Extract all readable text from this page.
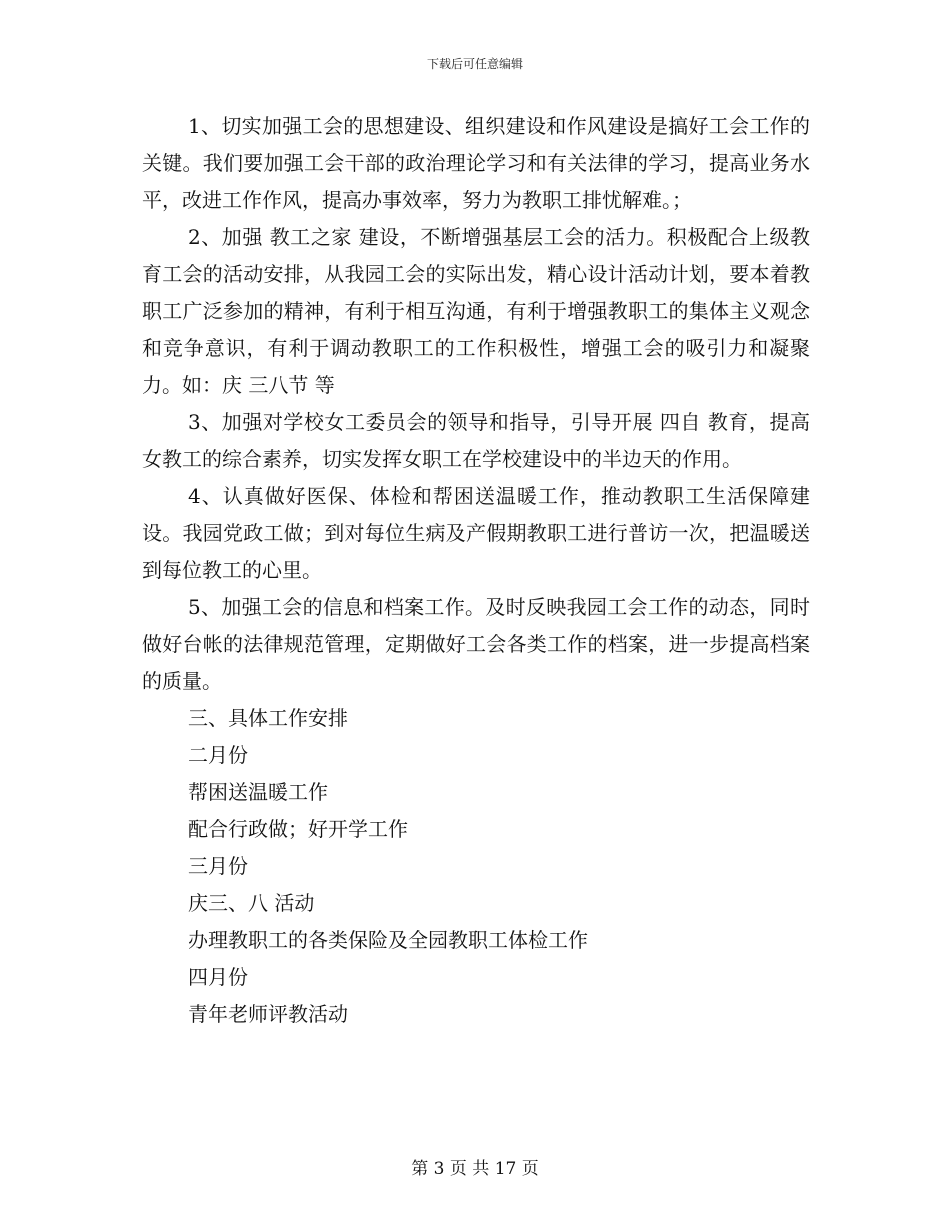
下载后可任意编辑

1、切实加强工会的思想建设、组织建设和作风建设是搞好工会工作的关键。我们要加强工会干部的政治理论学习和有关法律的学习，提高业务水平，改进工作作风，提高办事效率，努力为教职工排忧解难。；

2、加强 教工之家 建设，不断增强基层工会的活力。积极配合上级教育工会的活动安排，从我园工会的实际出发，精心设计活动计划，要本着教职工广泛参加的精神，有利于相互沟通，有利于增强教职工的集体主义观念和竞争意识，有利于调动教职工的工作积极性，增强工会的吸引力和凝聚力。如：庆 三八节 等

3、加强对学校女工委员会的领导和指导，引导开展 四自 教育，提高女教工的综合素养，切实发挥女职工在学校建设中的半边天的作用。

4、认真做好医保、体检和帮困送温暖工作，推动教职工生活保障建设。我园党政工做；到对每位生病及产假期教职工进行普访一次，把温暖送到每位教工的心里。

5、加强工会的信息和档案工作。及时反映我园工会工作的动态，同时做好台帐的法律规范管理，定期做好工会各类工作的档案，进一步提高档案的质量。

三、具体工作安排

二月份

帮困送温暖工作

配合行政做；好开学工作

三月份

庆三、八 活动

办理教职工的各类保险及全园教职工体检工作

四月份

青年老师评教活动

第 3 页 共 17 页
